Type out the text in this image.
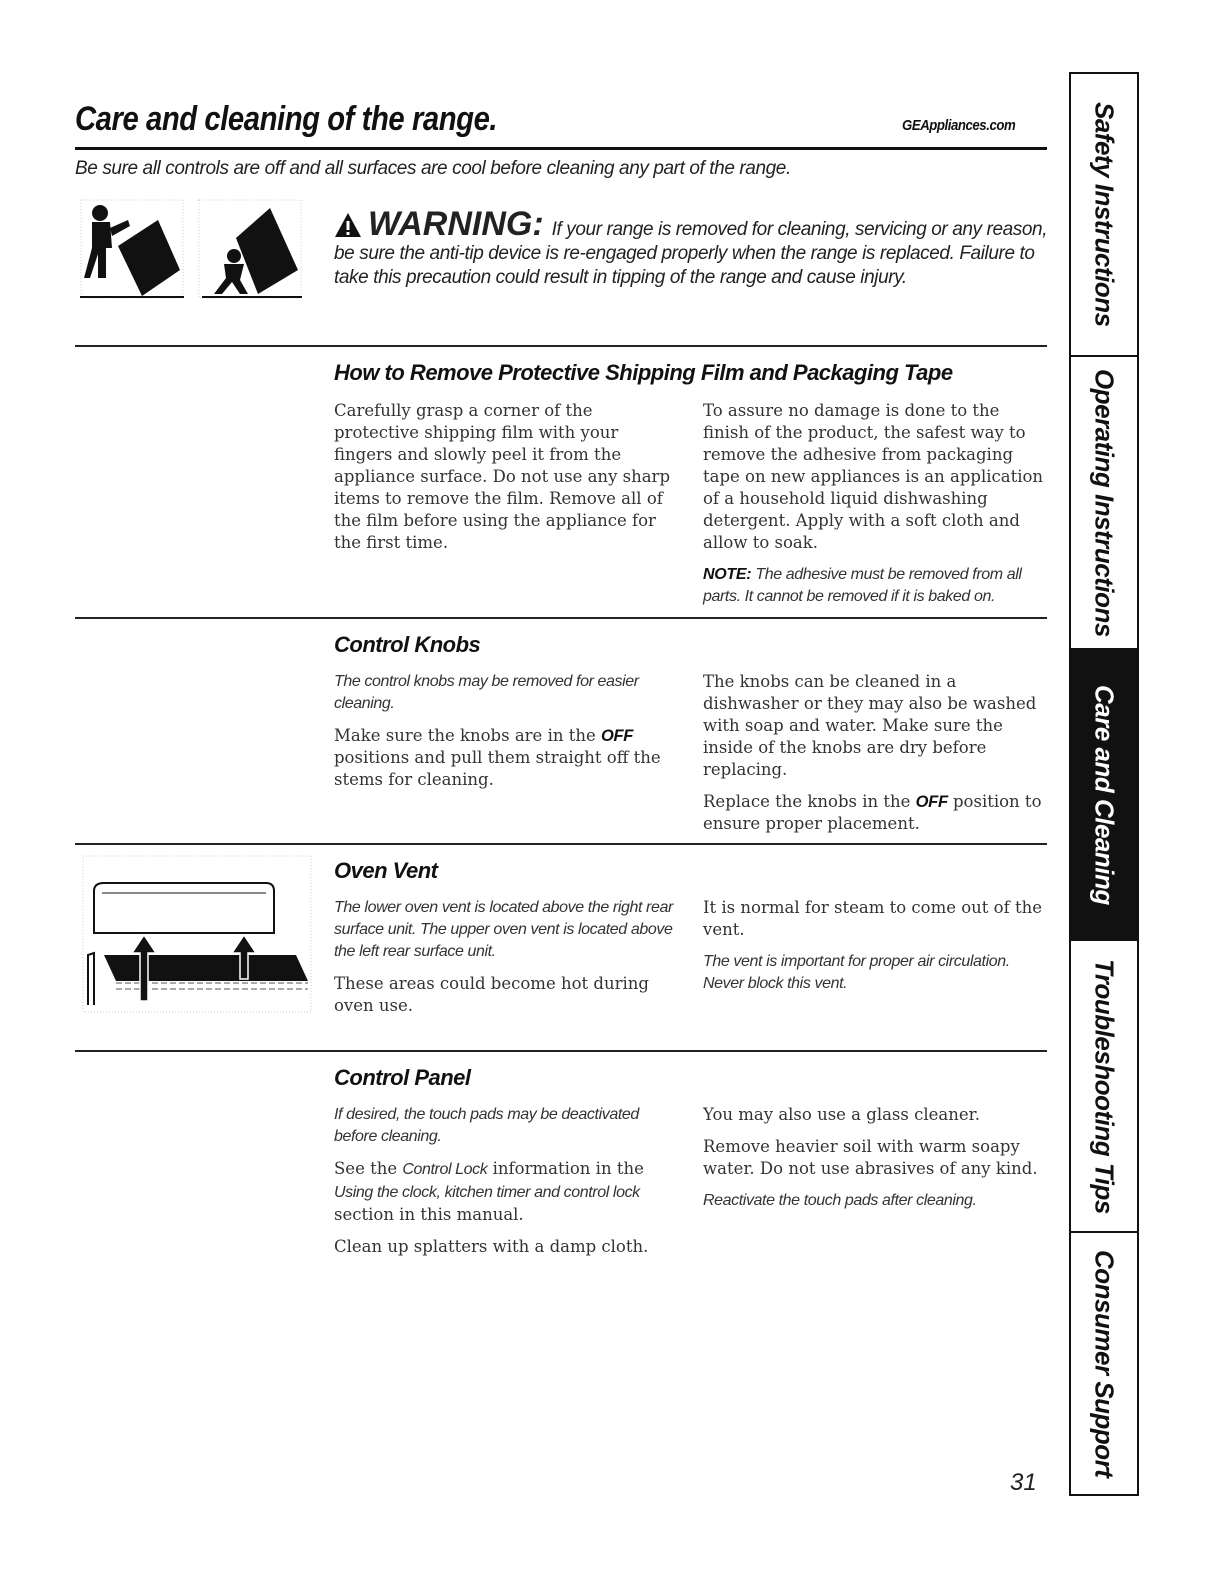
Care and cleaning of the range.	GEAppliances.com
Be sure all controls are off and all surfaces are cool before cleaning any part of the range.
WARNING: If your range is removed for cleaning, servicing or any reason, be sure the anti-tip device is re-engaged properly when the range is replaced. Failure to take this precaution could result in tipping of the range and cause injury.
How to Remove Protective Shipping Film and Packaging Tape

Carefully grasp a corner of the protective shipping film with your fingers and slowly peel it from the appliance surface. Do not use any sharp items to remove the film. Remove all of the film before using the appliance for the first time.

To assure no damage is done to the finish of the product, the safest way to remove the adhesive from packaging tape on new appliances is an application of a household liquid dishwashing detergent. Apply with a soft cloth and allow to soak.

NOTE: The adhesive must be removed from all parts. It cannot be removed if it is baked on.

Control Knobs

The control knobs may be removed for easier cleaning.

Make sure the knobs are in the OFF positions and pull them straight off the stems for cleaning.

The knobs can be cleaned in a dishwasher or they may also be washed with soap and water. Make sure the inside of the knobs are dry before replacing.

Replace the knobs in the OFF position to ensure proper placement.

Oven Vent

The lower oven vent is located above the right rear surface unit. The upper oven vent is located above the left rear surface unit.

These areas could become hot during oven use.

It is normal for steam to come out of the vent.

The vent is important for proper air circulation. Never block this vent.

Control Panel

If desired, the touch pads may be deactivated before cleaning.

See the Control Lock information in the Using the clock, kitchen timer and control lock section in this manual.

Clean up splatters with a damp cloth.

You may also use a glass cleaner.

Remove heavier soil with warm soapy water. Do not use abrasives of any kind.

Reactivate the touch pads after cleaning.

Safety Instructions
Operating Instructions
Care and Cleaning
Troubleshooting Tips
Consumer Support
31
